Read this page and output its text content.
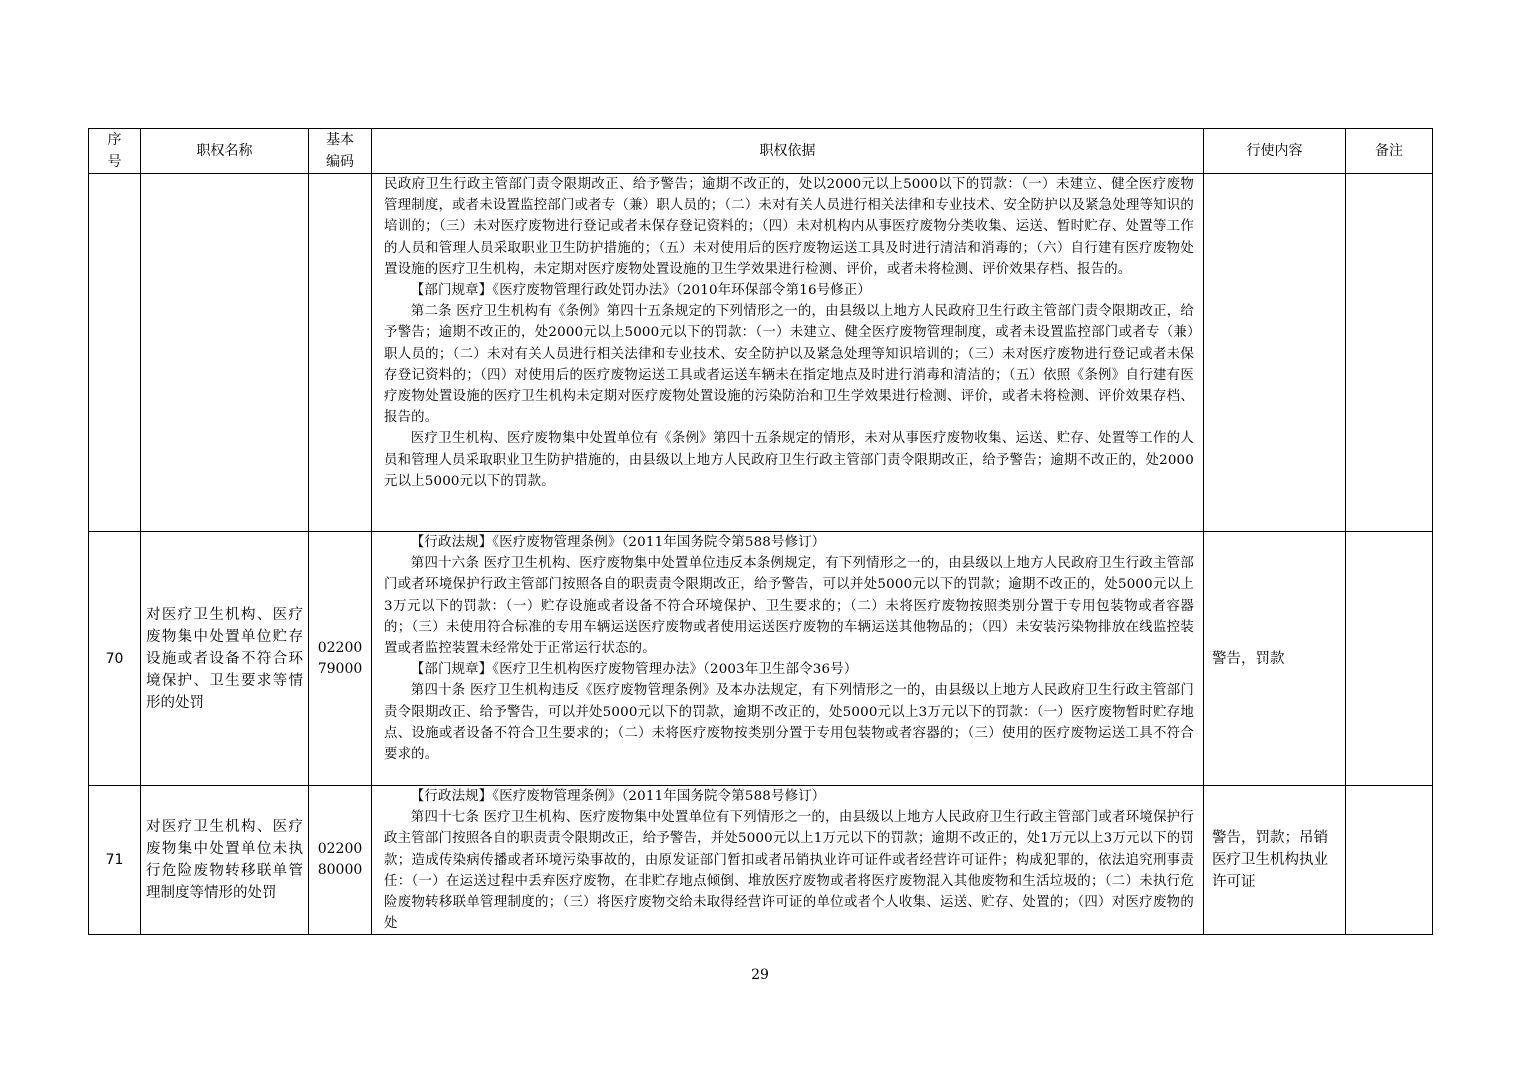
序号	职权名称	基本编码	职权依据	行使内容	备注

			民政府卫生行政主管部门责令限期改正、给予警告；逾期不改正的，处以2000元以上5000以下的罚款：（一）未建立、健全医疗废物管理制度，或者未设置监控部门或者专（兼）职人员的；（二）未对有关人员进行相关法律和专业技术、安全防护以及紧急处理等知识的培训的；（三）未对医疗废物进行登记或者未保存登记资料的；（四）未对机构内从事医疗废物分类收集、运送、暂时贮存、处置等工作的人员和管理人员采取职业卫生防护措施的；（五）未对使用后的医疗废物运送工具及时进行清洁和消毒的；（六）自行建有医疗废物处置设施的医疗卫生机构，未定期对医疗废物处置设施的卫生学效果进行检测、评价，或者未将检测、评价效果存档、报告的。

【部门规章】《医疗废物管理行政处罚办法》（2010年环保部令第16号修正）

第二条 医疗卫生机构有《条例》第四十五条规定的下列情形之一的，由县级以上地方人民政府卫生行政主管部门责令限期改正，给予警告；逾期不改正的，处2000元以上5000元以下的罚款：（一）未建立、健全医疗废物管理制度，或者未设置监控部门或者专（兼）职人员的；（二）未对有关人员进行相关法律和专业技术、安全防护以及紧急处理等知识培训的；（三）未对医疗废物进行登记或者未保存登记资料的；（四）对使用后的医疗废物运送工具或者运送车辆未在指定地点及时进行消毒和清洁的；（五）依照《条例》自行建有医疗废物处置设施的医疗卫生机构未定期对医疗废物处置设施的污染防治和卫生学效果进行检测、评价，或者未将检测、评价效果存档、报告的。

医疗卫生机构、医疗废物集中处置单位有《条例》第四十五条规定的情形，未对从事医疗废物收集、运送、贮存、处置等工作的人员和管理人员采取职业卫生防护措施的，由县级以上地方人民政府卫生行政主管部门责令限期改正，给予警告；逾期不改正的，处2000元以上5000元以下的罚款。		

70	对医疗卫生机构、医疗废物集中处置单位贮存设施或者设备不符合环境保护、卫生要求等情形的处罚	02200 79000	【行政法规】《医疗废物管理条例》（2011年国务院令第588号修订）

第四十六条 医疗卫生机构、医疗废物集中处置单位违反本条例规定，有下列情形之一的，由县级以上地方人民政府卫生行政主管部门或者环境保护行政主管部门按照各自的职责责令限期改正，给予警告，可以并处5000元以下的罚款；逾期不改正的，处5000元以上3万元以下的罚款：（一）贮存设施或者设备不符合环境保护、卫生要求的；（二）未将医疗废物按照类别分置于专用包装物或者容器的；（三）未使用符合标准的专用车辆运送医疗废物或者使用运送医疗废物的车辆运送其他物品的；（四）未安装污染物排放在线监控装置或者监控装置未经常处于正常运行状态的。

【部门规章】《医疗卫生机构医疗废物管理办法》（2003年卫生部令36号）

第四十条 医疗卫生机构违反《医疗废物管理条例》及本办法规定，有下列情形之一的，由县级以上地方人民政府卫生行政主管部门责令限期改正、给予警告，可以并处5000元以下的罚款，逾期不改正的，处5000元以上3万元以下的罚款：（一）医疗废物暂时贮存地点、设施或者设备不符合卫生要求的；（二）未将医疗废物按类别分置于专用包装物或者容器的；（三）使用的医疗废物运送工具不符合要求的。	警告，罚款	
71	对医疗卫生机构、医疗废物集中处置单位未执行危险废物转移联单管理制度等情形的处罚	02200 80000	【行政法规】《医疗废物管理条例》（2011年国务院令第588号修订）

第四十七条 医疗卫生机构、医疗废物集中处置单位有下列情形之一的，由县级以上地方人民政府卫生行政主管部门或者环境保护行政主管部门按照各自的职责责令限期改正，给予警告，并处5000元以上1万元以下的罚款；逾期不改正的，处1万元以上3万元以下的罚款；造成传染病传播或者环境污染事故的，由原发证部门暂扣或者吊销执业许可证件或者经营许可证件；构成犯罪的，依法追究刑事责任：（一）在运送过程中丢弃医疗废物，在非贮存地点倾倒、堆放医疗废物或者将医疗废物混入其他废物和生活垃圾的；（二）未执行危险废物转移联单管理制度的；（三）将医疗废物交给未取得经营许可证的单位或者个人收集、运送、贮存、处置的；（四）对医疗废物的处	警告，罚款；吊销医疗卫生机构执业许可证	
29
